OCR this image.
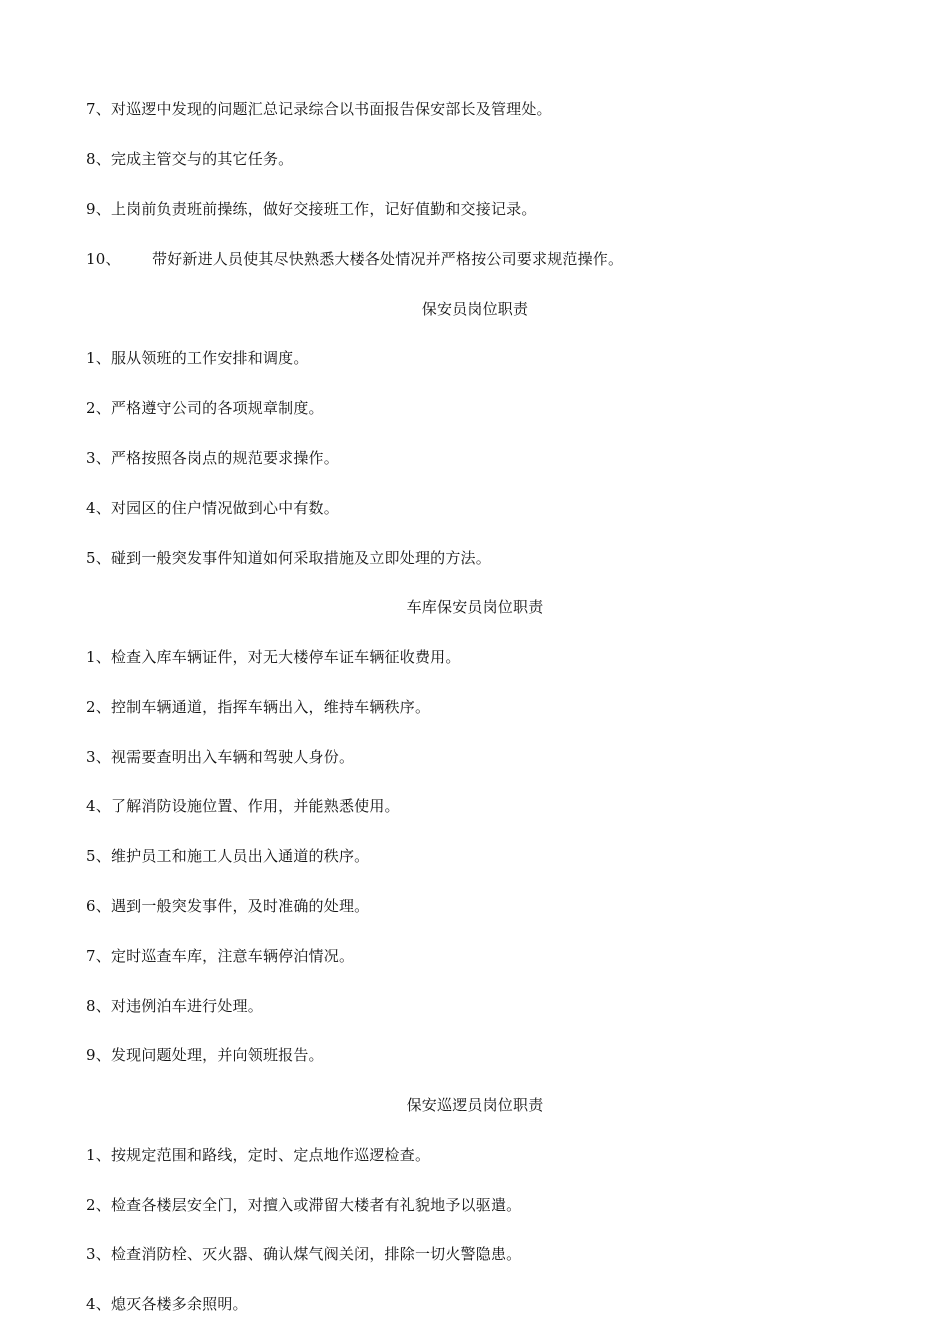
7、对巡逻中发现的问题汇总记录综合以书面报告保安部长及管理处。
8、完成主管交与的其它任务。
9、上岗前负责班前操练，做好交接班工作，记好值勤和交接记录。
10、 带好新进人员使其尽快熟悉大楼各处情况并严格按公司要求规范操作。
保安员岗位职责
1、服从领班的工作安排和调度。
2、严格遵守公司的各项规章制度。
3、严格按照各岗点的规范要求操作。
4、对园区的住户情况做到心中有数。
5、碰到一般突发事件知道如何采取措施及立即处理的方法。
车库保安员岗位职责
1、检查入库车辆证件，对无大楼停车证车辆征收费用。
2、控制车辆通道，指挥车辆出入，维持车辆秩序。
3、视需要查明出入车辆和驾驶人身份。
4、了解消防设施位置、作用，并能熟悉使用。
5、维护员工和施工人员出入通道的秩序。
6、遇到一般突发事件，及时准确的处理。
7、定时巡查车库，注意车辆停泊情况。
8、对违例泊车进行处理。
9、发现问题处理，并向领班报告。
保安巡逻员岗位职责
1、按规定范围和路线，定时、定点地作巡逻检查。
2、检查各楼层安全门，对擅入或滞留大楼者有礼貌地予以驱遣。
3、检查消防栓、灭火器、确认煤气阀关闭，排除一切火警隐患。
4、熄灭各楼多余照明。
